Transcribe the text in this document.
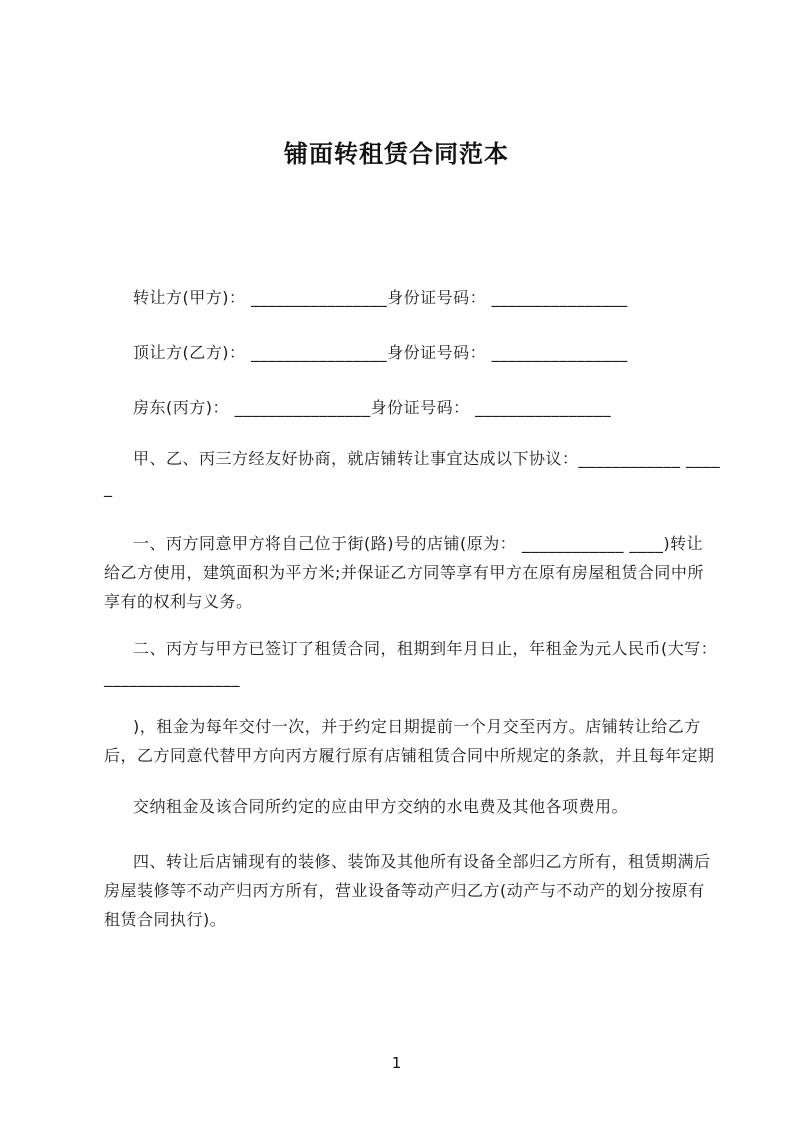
铺面转租赁合同范本
转让方(甲方)： ________________身份证号码： ________________
顶让方(乙方)： ________________身份证号码： ________________
房东(丙方)： ________________身份证号码： ________________
甲、乙、丙三方经友好协商，就店铺转让事宜达成以下协议：____________ ____
_
一、丙方同意甲方将自己位于街(路)号的店铺(原为： ____________ ____)转让
给乙方使用，建筑面积为平方米;并保证乙方同等享有甲方在原有房屋租赁合同中所
享有的权利与义务。
二、丙方与甲方已签订了租赁合同，租期到年月日止，年租金为元人民币(大写：
________________
)，租金为每年交付一次，并于约定日期提前一个月交至丙方。店铺转让给乙方
后，乙方同意代替甲方向丙方履行原有店铺租赁合同中所规定的条款，并且每年定期
交纳租金及该合同所约定的应由甲方交纳的水电费及其他各项费用。
四、转让后店铺现有的装修、装饰及其他所有设备全部归乙方所有，租赁期满后
房屋装修等不动产归丙方所有，营业设备等动产归乙方(动产与不动产的划分按原有
租赁合同执行)。
1
